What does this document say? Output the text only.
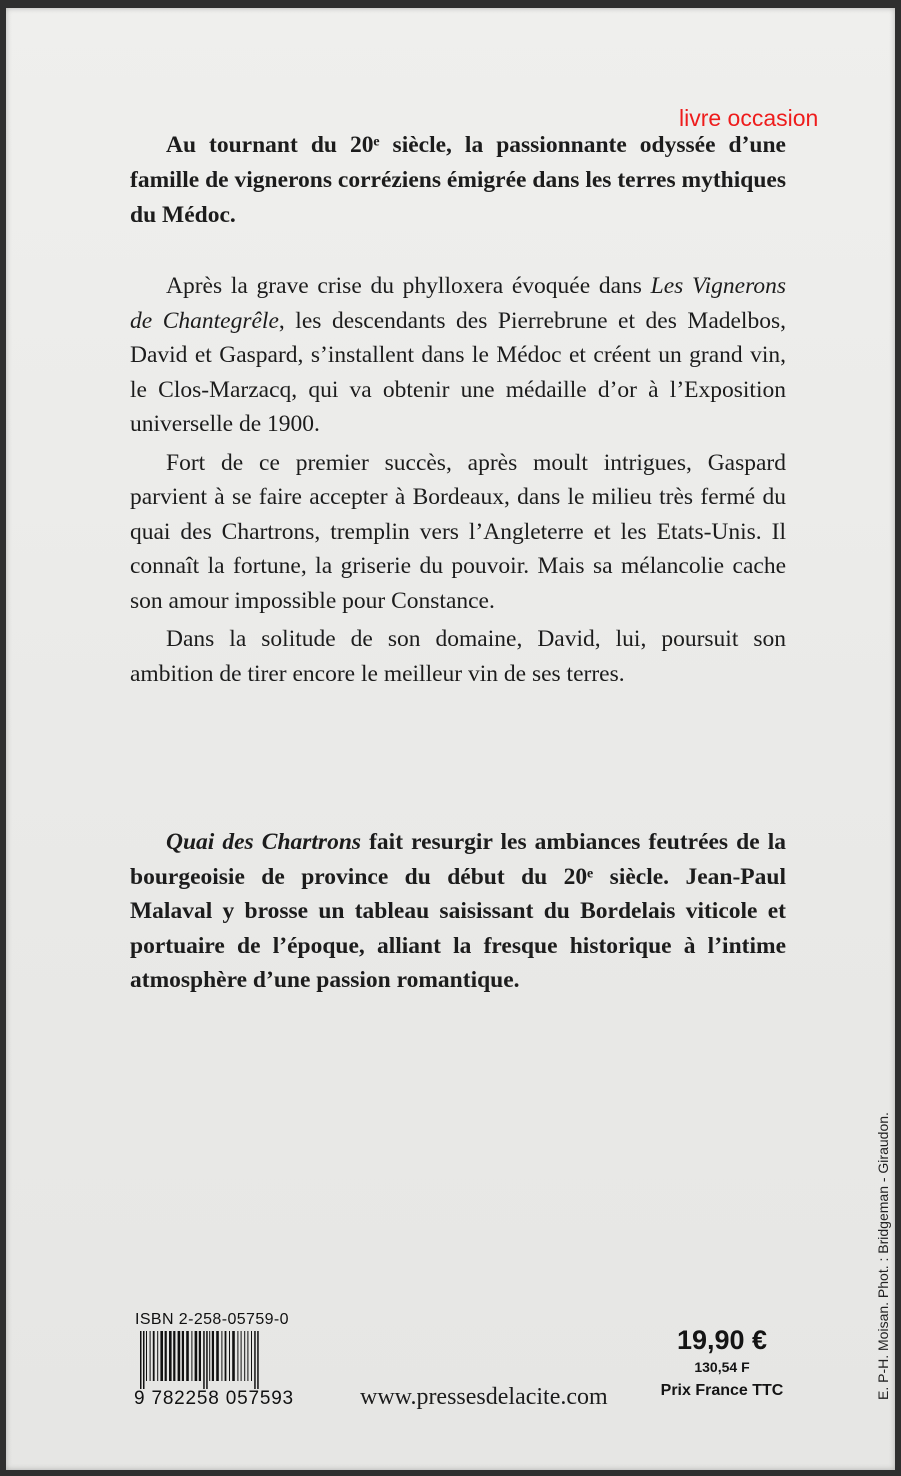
livre occasion

Au tournant du 20ᵉ siècle, la passionnante odyssée d’une famille de vignerons corréziens émigrée dans les terres mythiques du Médoc.

Après la grave crise du phylloxera évoquée dans Les Vignerons de Chantegrêle, les descendants des Pierrebrune et des Madelbos, David et Gaspard, s’installent dans le Médoc et créent un grand vin, le Clos-Marzacq, qui va obtenir une médaille d’or à l’Exposition universelle de 1900.

Fort de ce premier succès, après moult intrigues, Gaspard parvient à se faire accepter à Bordeaux, dans le milieu très fermé du quai des Chartrons, tremplin vers l’Angleterre et les Etats-Unis. Il connaît la fortune, la griserie du pouvoir. Mais sa mélancolie cache son amour impossible pour Constance.

Dans la solitude de son domaine, David, lui, poursuit son ambition de tirer encore le meilleur vin de ses terres.

Quai des Chartrons fait resurgir les ambiances feutrées de la bourgeoisie de province du début du 20ᵉ siècle. Jean-Paul Malaval y brosse un tableau saisissant du Bordelais viticole et portuaire de l’époque, alliant la fresque historique à l’intime atmosphère d’une passion romantique.

ISBN 2-258-05759-0
9 782258 057593	www.pressesdelacite.com
19,90 €
130,54 F
Prix France TTC	E. P-H. Moisan. Phot. : Bridgeman - Giraudon.
